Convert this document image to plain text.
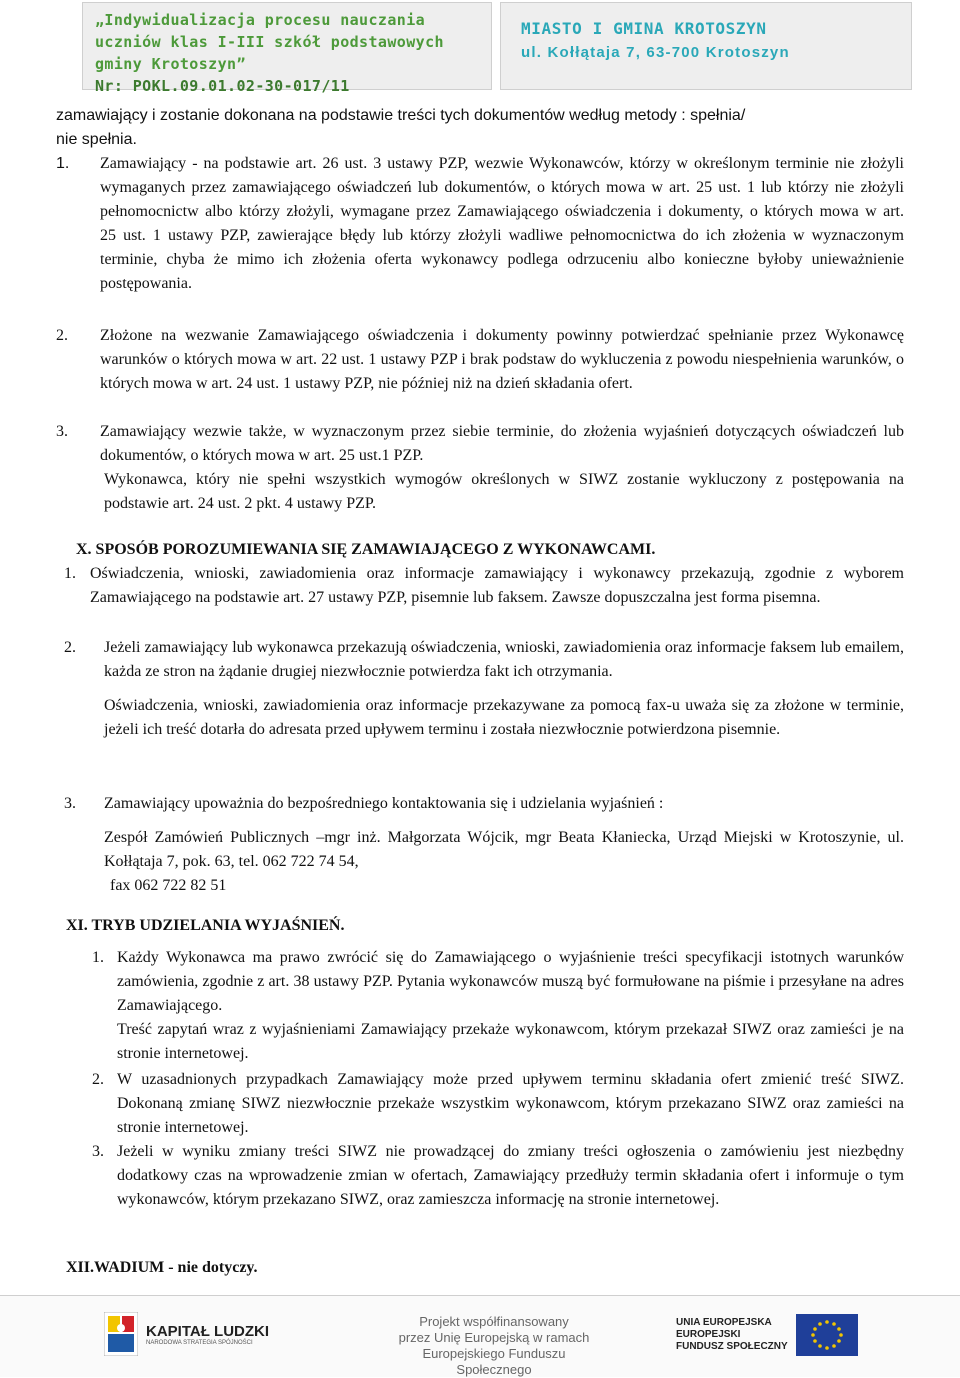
„Indywidualizacja procesu nauczania
uczniów klas I-III szkół podstawowych
gminy Krotoszyn”
Nr: POKL.09.01.02-30-017/11
MIASTO I GMINA KROTOSZYN
ul. Kołłątaja 7, 63-700 Krotoszyn
zamawiający i zostanie dokonana na podstawie treści tych dokumentów według metody : spełnia/
nie spełnia.
1. Zamawiający - na podstawie art. 26 ust. 3 ustawy PZP, wezwie Wykonawców, którzy w określonym terminie nie złożyli wymaganych przez zamawiającego oświadczeń lub dokumentów, o których mowa w art. 25 ust. 1 lub którzy nie złożyli pełnomocnictw albo którzy złożyli, wymagane przez Zamawiającego oświadczenia i dokumenty, o których mowa w art. 25 ust. 1 ustawy PZP, zawierające błędy lub którzy złożyli wadliwe pełnomocnictwa do ich złożenia w wyznaczonym terminie, chyba że mimo ich złożenia oferta wykonawcy podlega odrzuceniu albo konieczne byłoby unieważnienie postępowania.
2. Złożone na wezwanie Zamawiającego oświadczenia i dokumenty powinny potwierdzać spełnianie przez Wykonawcę warunków o których mowa w art. 22 ust. 1 ustawy PZP i brak podstaw do wykluczenia z powodu niespełnienia warunków, o których mowa w art. 24 ust. 1 ustawy PZP, nie później niż na dzień składania ofert.
3. Zamawiający wezwie także, w wyznaczonym przez siebie terminie, do złożenia wyjaśnień dotyczących oświadczeń lub dokumentów, o których mowa w art. 25 ust.1 PZP.
Wykonawca, który nie spełni wszystkich wymogów określonych w SIWZ zostanie wykluczony z postępowania na podstawie art. 24 ust. 2 pkt. 4 ustawy PZP.
X. SPOSÓB POROZUMIEWANIA SIĘ ZAMAWIAJĄCEGO Z WYKONAWCAMI.
1. Oświadczenia, wnioski, zawiadomienia oraz informacje zamawiający i wykonawcy przekazują, zgodnie z wyborem Zamawiającego na podstawie art. 27 ustawy PZP, pisemnie lub faksem. Zawsze dopuszczalna jest forma pisemna.
2. Jeżeli zamawiający lub wykonawca przekazują oświadczenia, wnioski, zawiadomienia oraz informacje faksem lub emailem, każda ze stron na żądanie drugiej niezwłocznie potwierdza fakt ich otrzymania.
Oświadczenia, wnioski, zawiadomienia oraz informacje przekazywane za pomocą fax-u uważa się za złożone w terminie, jeżeli ich treść dotarła do adresata przed upływem terminu i została niezwłocznie potwierdzona pisemnie.
3. Zamawiający upoważnia do bezpośredniego kontaktowania się i udzielania wyjaśnień :
Zespół Zamówień Publicznych –mgr inż. Małgorzata Wójcik, mgr Beata Kłaniecka, Urząd Miejski w Krotoszynie, ul. Kołłątaja 7, pok. 63, tel. 062 722 74 54,
fax 062 722 82 51
XI. TRYB UDZIELANIA WYJAŚNIEŃ.
1. Każdy Wykonawca ma prawo zwrócić się do Zamawiającego o wyjaśnienie treści specyfikacji istotnych warunków zamówienia, zgodnie z art. 38 ustawy PZP. Pytania wykonawców muszą być formułowane na piśmie i przesyłane na adres Zamawiającego.
Treść zapytań wraz z wyjaśnieniami Zamawiający przekaże wykonawcom, którym przekazał SIWZ oraz zamieści je na stronie internetowej.
2. W uzasadnionych przypadkach Zamawiający może przed upływem terminu składania ofert zmienić treść SIWZ. Dokonaną zmianę SIWZ niezwłocznie przekaże wszystkim wykonawcom, którym przekazano SIWZ oraz zamieści na stronie internetowej.
3. Jeżeli w wyniku zmiany treści SIWZ nie prowadzącej do zmiany treści ogłoszenia o zamówieniu jest niezbędny dodatkowy czas na wprowadzenie zmian w ofertach, Zamawiający przedłuży termin składania ofert i informuje o tym wykonawców, którym przekazano SIWZ, oraz zamieszcza informację na stronie internetowej.
XII.WADIUM - nie dotyczy.
KAPITAŁ LUDZKI
NARODOWA STRATEGIA SPÓJNOŚCI
Projekt współfinansowany
przez Unię Europejską w ramach
Europejskiego Funduszu Społecznego
UNIA EUROPEJSKA
EUROPEJSKI
FUNDUSZ SPOŁECZNY
